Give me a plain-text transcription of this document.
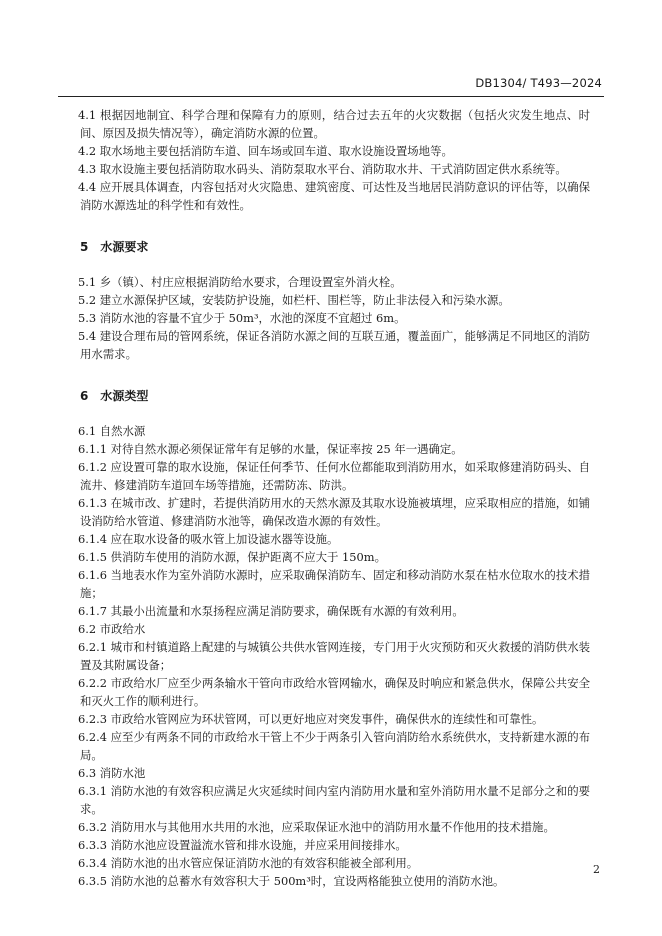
DB1304/ T493—2024

4.1 根据因地制宜、科学合理和保障有力的原则，结合过去五年的火灾数据（包括火灾发生地点、时间、原因及损失情况等），确定消防水源的位置。

4.2 取水场地主要包括消防车道、回车场或回车道、取水设施设置场地等。

4.3 取水设施主要包括消防取水码头、消防泵取水平台、消防取水井、干式消防固定供水系统等。

4.4 应开展具体调查，内容包括对火灾隐患、建筑密度、可达性及当地居民消防意识的评估等，以确保消防水源选址的科学性和有效性。

5　水源要求

5.1 乡（镇）、村庄应根据消防给水要求，合理设置室外消火栓。

5.2 建立水源保护区域，安装防护设施，如栏杆、围栏等，防止非法侵入和污染水源。

5.3 消防水池的容量不宜少于 50m³，水池的深度不宜超过 6m。

5.4 建设合理布局的管网系统，保证各消防水源之间的互联互通，覆盖面广，能够满足不同地区的消防用水需求。

6　水源类型

6.1 自然水源

6.1.1 对待自然水源必须保证常年有足够的水量，保证率按 25 年一遇确定。

6.1.2 应设置可靠的取水设施，保证任何季节、任何水位都能取到消防用水，如采取修建消防码头、自流井、修建消防车道回车场等措施，还需防冻、防洪。

6.1.3 在城市改、扩建时，若提供消防用水的天然水源及其取水设施被填埋，应采取相应的措施，如铺设消防给水管道、修建消防水池等，确保改造水源的有效性。

6.1.4 应在取水设备的吸水管上加设滤水器等设施。

6.1.5 供消防车使用的消防水源，保护距离不应大于 150m。

6.1.6 当地表水作为室外消防水源时，应采取确保消防车、固定和移动消防水泵在枯水位取水的技术措施；

6.1.7 其最小出流量和水泵扬程应满足消防要求，确保既有水源的有效利用。

6.2 市政给水

6.2.1 城市和村镇道路上配建的与城镇公共供水管网连接，专门用于火灾预防和灭火救援的消防供水装置及其附属设备；

6.2.2 市政给水厂应至少两条输水干管向市政给水管网输水，确保及时响应和紧急供水，保障公共安全和灭火工作的顺利进行。

6.2.3 市政给水管网应为环状管网，可以更好地应对突发事件，确保供水的连续性和可靠性。

6.2.4 应至少有两条不同的市政给水干管上不少于两条引入管向消防给水系统供水，支持新建水源的布局。

6.3 消防水池

6.3.1 消防水池的有效容积应满足火灾延续时间内室内消防用水量和室外消防用水量不足部分之和的要求。

6.3.2 消防用水与其他用水共用的水池，应采取保证水池中的消防用水量不作他用的技术措施。

6.3.3 消防水池应设置溢流水管和排水设施，并应采用间接排水。

6.3.4 消防水池的出水管应保证消防水池的有效容积能被全部利用。

6.3.5 消防水池的总蓄水有效容积大于 500m³时，宜设两格能独立使用的消防水池。

2
